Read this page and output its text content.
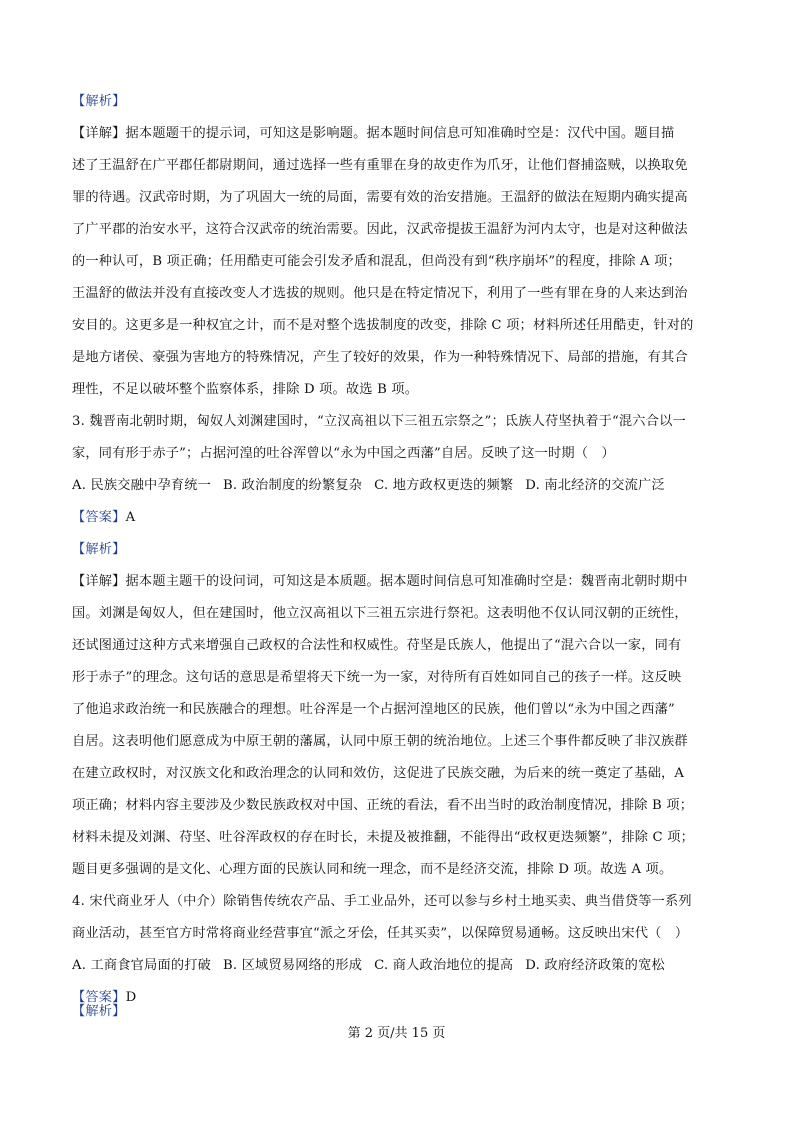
【解析】
【详解】据本题题干的提示词，可知这是影响题。据本题时间信息可知准确时空是：汉代中国。题目描
述了王温舒在广平郡任都尉期间，通过选择一些有重罪在身的故吏作为爪牙，让他们督捕盗贼，以换取免
罪的待遇。汉武帝时期，为了巩固大一统的局面，需要有效的治安措施。王温舒的做法在短期内确实提高
了广平郡的治安水平，这符合汉武帝的统治需要。因此，汉武帝提拔王温舒为河内太守，也是对这种做法
的一种认可，B 项正确；任用酷吏可能会引发矛盾和混乱，但尚没有到“秩序崩坏”的程度，排除 A 项；
王温舒的做法并没有直接改变人才选拔的规则。他只是在特定情况下，利用了一些有罪在身的人来达到治
安目的。这更多是一种权宜之计，而不是对整个选拔制度的改变，排除 C 项；材料所述任用酷吏，针对的
是地方诸侯、豪强为害地方的特殊情况，产生了较好的效果，作为一种特殊情况下、局部的措施，有其合
理性，不足以破坏整个监察体系，排除 D 项。故选 B 项。
3. 魏晋南北朝时期，匈奴人刘渊建国时，“立汉高祖以下三祖五宗祭之”；氐族人苻坚执着于“混六合以一
家，同有形于赤子”；占据河湟的吐谷浑曾以“永为中国之西藩”自居。反映了这一时期（　）
A. 民族交融中孕育统一 B. 政治制度的纷繁复杂 C. 地方政权更迭的频繁 D. 南北经济的交流广泛
【答案】A
【解析】
【详解】据本题主题干的设问词，可知这是本质题。据本题时间信息可知准确时空是：魏晋南北朝时期中
国。刘渊是匈奴人，但在建国时，他立汉高祖以下三祖五宗进行祭祀。这表明他不仅认同汉朝的正统性，
还试图通过这种方式来增强自己政权的合法性和权威性。苻坚是氐族人，他提出了“混六合以一家，同有
形于赤子”的理念。这句话的意思是希望将天下统一为一家，对待所有百姓如同自己的孩子一样。这反映
了他追求政治统一和民族融合的理想。吐谷浑是一个占据河湟地区的民族，他们曾以“永为中国之西藩”
自居。这表明他们愿意成为中原王朝的藩属，认同中原王朝的统治地位。上述三个事件都反映了非汉族群
在建立政权时，对汉族文化和政治理念的认同和效仿，这促进了民族交融，为后来的统一奠定了基础，A
项正确；材料内容主要涉及少数民族政权对中国、正统的看法，看不出当时的政治制度情况，排除 B 项；
材料未提及刘渊、苻坚、吐谷浑政权的存在时长，未提及被推翻，不能得出“政权更迭频繁”，排除 C 项；
题目更多强调的是文化、心理方面的民族认同和统一理念，而不是经济交流，排除 D 项。故选 A 项。
4. 宋代商业牙人（中介）除销售传统农产品、手工业品外，还可以参与乡村土地买卖、典当借贷等一系列
商业活动，甚至官方时常将商业经营事宜“派之牙侩，任其买卖”，以保障贸易通畅。这反映出宋代（　）
A. 工商食官局面的打破 B. 区域贸易网络的形成 C. 商人政治地位的提高 D. 政府经济政策的宽松
【答案】D
【解析】
第 2 页/共 15 页
